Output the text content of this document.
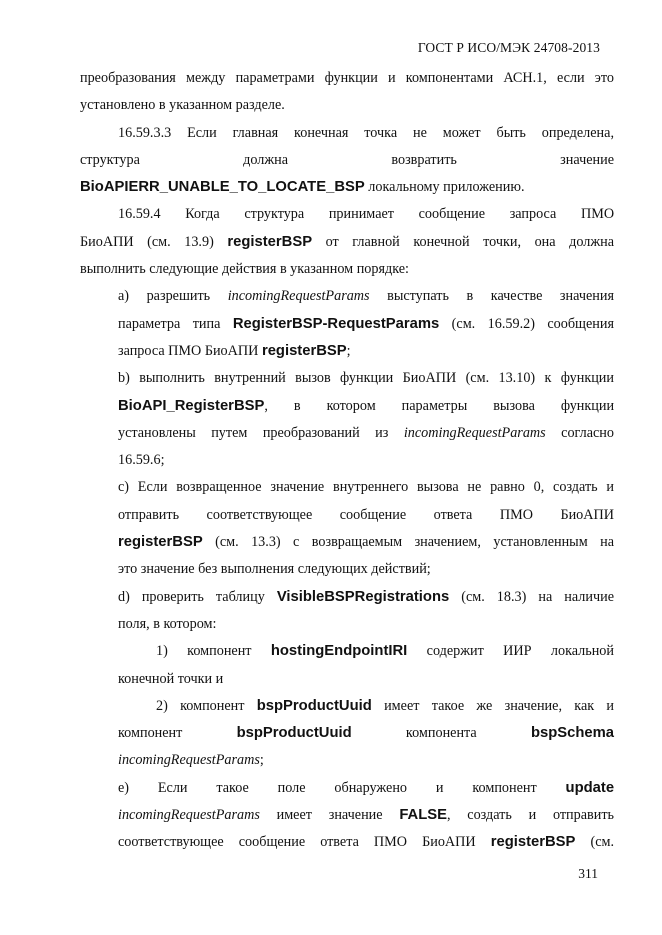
ГОСТ Р ИСО/МЭК 24708-2013

преобразования между параметрами функции и компонентами АСН.1, если это

установлено в указанном разделе.

16.59.3.3 Если главная конечная точка не может быть определена,

структура	должна	возвратить	значение

BioAPIERR_UNABLE_TO_LOCATE_BSP локальному приложению.

16.59.4 Когда структура принимает сообщение запроса ПМО

БиоАПИ (см. 13.9) registerBSP от главной конечной точки, она должна

выполнить следующие действия в указанном порядке:

a) разрешить incomingRequestParams выступать в качестве значения

параметра типа RegisterBSP-RequestParams (см. 16.59.2) сообщения

запроса ПМО БиоАПИ registerBSP;

b) выполнить внутренний вызов функции БиоАПИ (см. 13.10) к функции

BioAPI_RegisterBSP, в котором параметры вызова функции

установлены путем преобразований из incomingRequestParams согласно

16.59.6;

c) Если возвращенное значение внутреннего вызова не равно 0, создать и

отправить соответствующее сообщение ответа ПМО БиоАПИ

registerBSP (см. 13.3) с возвращаемым значением, установленным на

это значение без выполнения следующих действий;

d) проверить таблицу VisibleBSPRegistrations (см. 18.3) на наличие

поля, в котором:

1) компонент hostingEndpointIRI содержит ИИР локальной

конечной точки и

2) компонент bspProductUuid имеет такое же значение, как и

компонент	bspProductUuid	компонента	bspSchema

incomingRequestParams;

e) Если такое поле обнаружено и компонент update

incomingRequestParams имеет значение FALSE, создать и отправить

соответствующее сообщение ответа ПМО БиоАПИ registerBSP (см.

311
